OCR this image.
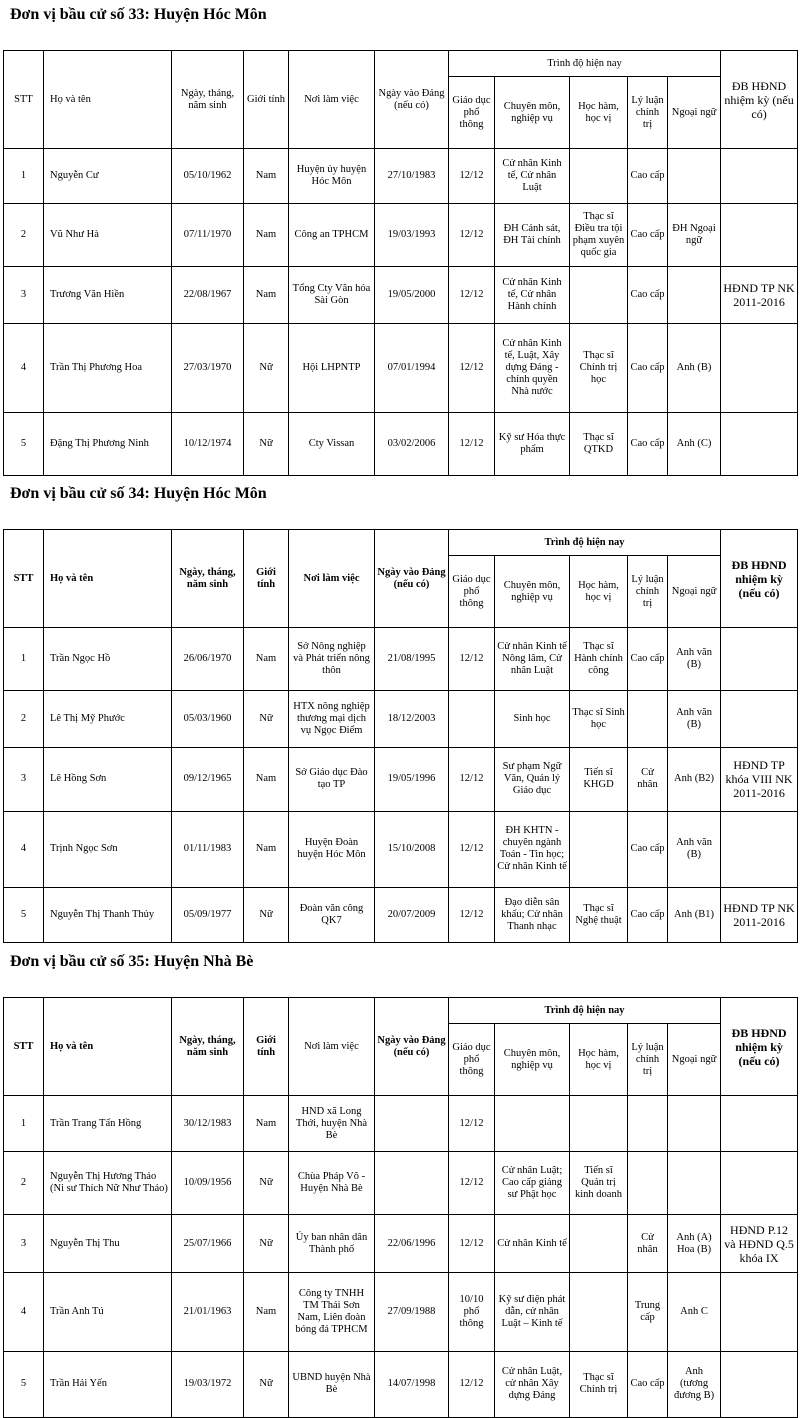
Đơn vị bầu cử số 33: Huyện Hóc Môn
STT	Họ và tên	Ngày, tháng, năm sinh	Giới tính	Nơi làm việc	Ngày vào Đảng (nếu có)	Trình độ hiện nay					ĐB HĐND nhiệm kỳ (nếu có)
						Giáo dục phổ thông	Chuyên môn, nghiệp vụ	Học hàm, học vị	Lý luận chính trị	Ngoại ngữ	
1	Nguyễn Cư	05/10/1962	Nam	Huyện ủy huyện Hóc Môn	27/10/1983	12/12	Cử nhân Kinh tế, Cử nhân Luật		Cao cấp		
2	Vũ Như Hà	07/11/1970	Nam	Công an TPHCM	19/03/1993	12/12	ĐH Cảnh sát, ĐH Tài chính	Thạc sĩ Điều tra tội phạm xuyên quốc gia	Cao cấp	ĐH Ngoại ngữ	
3	Trương Văn Hiền	22/08/1967	Nam	Tổng Cty Văn hóa Sài Gòn	19/05/2000	12/12	Cử nhân Kinh tế, Cử nhân Hành chính		Cao cấp		HĐND TP NK 2011-2016
4	Trần Thị Phương Hoa	27/03/1970	Nữ	Hội LHPNTP	07/01/1994	12/12	Cử nhân Kinh tế, Luật, Xây dựng Đảng - chính quyền Nhà nước	Thạc sĩ Chính trị học	Cao cấp	Anh (B)	
5	Đặng Thị Phương Ninh	10/12/1974	Nữ	Cty Vissan	03/02/2006	12/12	Kỹ sư Hóa thực phẩm	Thạc sĩ QTKD	Cao cấp	Anh (C)	
Đơn vị bầu cử số 34: Huyện Hóc Môn
STT	Họ và tên	Ngày, tháng, năm sinh	Giới tính	Nơi làm việc	Ngày vào Đảng (nếu có)	Trình độ hiện nay					ĐB HĐND nhiệm kỳ (nếu có)
						Giáo dục phổ thông	Chuyên môn, nghiệp vụ	Học hàm, học vị	Lý luận chính trị	Ngoại ngữ	
1	Trần Ngọc Hồ	26/06/1970	Nam	Sở Nông nghiệp và Phát triển nông thôn	21/08/1995	12/12	Cử nhân Kinh tế Nông lâm, Cử nhân Luật	Thạc sĩ Hành chính công	Cao cấp	Anh văn (B)	
2	Lê Thị Mỹ Phước	05/03/1960	Nữ	HTX nông nghiệp thương mại dịch vụ Ngọc Điểm	18/12/2003		Sinh học	Thạc sĩ Sinh học		Anh văn (B)	
3	Lê Hồng Sơn	09/12/1965	Nam	Sở Giáo dục Đào tạo TP	19/05/1996	12/12	Sư phạm Ngữ Văn, Quản lý Giáo dục	Tiến sĩ KHGD	Cử nhân	Anh (B2)	HĐND TP khóa VIII NK 2011-2016
4	Trịnh Ngọc Sơn	01/11/1983	Nam	Huyện Đoàn huyện Hóc Môn	15/10/2008	12/12	ĐH KHTN - chuyên ngành Toán - Tin học; Cử nhân Kinh tế		Cao cấp	Anh văn (B)	
5	Nguyễn Thị Thanh Thủy	05/09/1977	Nữ	Đoàn văn công QK7	20/07/2009	12/12	Đạo diễn sân khấu; Cử nhân Thanh nhạc	Thạc sĩ Nghệ thuật	Cao cấp	Anh (B1)	HĐND TP NK 2011-2016
Đơn vị bầu cử số 35: Huyện Nhà Bè
STT	Họ và tên	Ngày, tháng, năm sinh	Giới tính	Nơi làm việc	Ngày vào Đảng (nếu có)	Trình độ hiện nay					ĐB HĐND nhiệm kỳ (nếu có)
						Giáo dục phổ thông	Chuyên môn, nghiệp vụ	Học hàm, học vị	Lý luận chính trị	Ngoại ngữ	
1	Trần Trang Tấn Hồng	30/12/1983	Nam	HND xã Long Thới, huyện Nhà Bè		12/12					
2	Nguyễn Thị Hương Thảo (Ni sư Thích Nữ Như Thảo)	10/09/1956	Nữ	Chùa Pháp Võ - Huyện Nhà Bè		12/12	Cử nhân Luật; Cao cấp giảng sư Phật học	Tiến sĩ Quản trị kinh doanh			
3	Nguyễn Thị Thu	25/07/1966	Nữ	Ủy ban nhân dân Thành phố	22/06/1996	12/12	Cử nhân Kinh tế		Cử nhân	Anh (A) Hoa (B)	HĐND P.12 và HĐND Q.5 khóa IX
4	Trần Anh Tú	21/01/1963	Nam	Công ty TNHH TM Thái Sơn Nam, Liên đoàn bóng đá TPHCM	27/09/1988	10/10 phổ thông	Kỹ sư điện phát dẫn, cử nhân Luật – Kinh tế		Trung cấp	Anh C	
5	Trần Hải Yến	19/03/1972	Nữ	UBND huyện Nhà Bè	14/07/1998	12/12	Cử nhân Luật, cử nhân Xây dựng Đảng	Thạc sĩ Chính trị	Cao cấp	Anh (tương đương B)	
